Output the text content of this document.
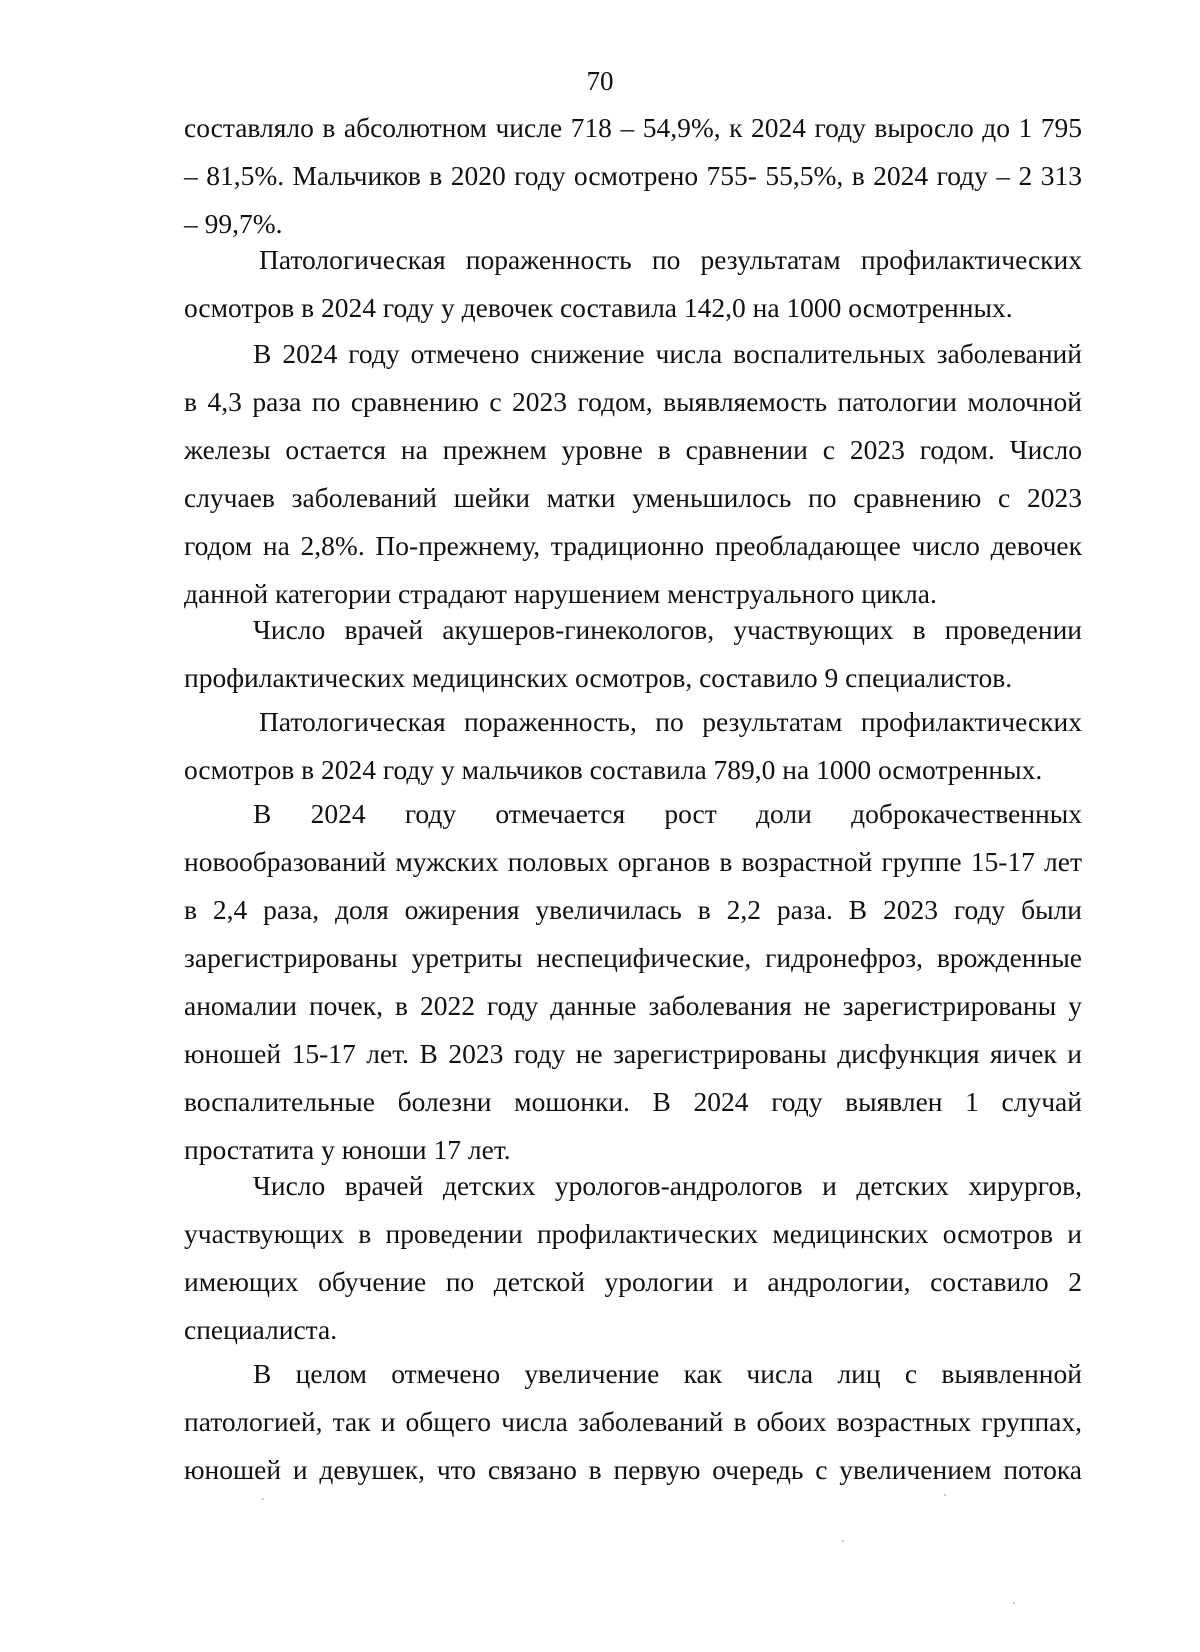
70
составляло в абсолютном числе 718 – 54,9%, к 2024 году выросло до 1 795
– 81,5%. Мальчиков в 2020 году осмотрено 755- 55,5%, в 2024 году – 2 313
– 99,7%.
Патологическая пораженность по результатам профилактических
осмотров в 2024 году у девочек составила 142,0 на 1000 осмотренных.
В 2024 году отмечено снижение числа воспалительных заболеваний
в 4,3 раза по сравнению с 2023 годом, выявляемость патологии молочной
железы остается на прежнем уровне в сравнении с 2023 годом. Число
случаев заболеваний шейки матки уменьшилось по сравнению с 2023
годом на 2,8%. По-прежнему, традиционно преобладающее число девочек
данной категории страдают нарушением менструального цикла.
Число врачей акушеров-гинекологов, участвующих в проведении
профилактических медицинских осмотров, составило 9 специалистов.
Патологическая пораженность, по результатам профилактических
осмотров в 2024 году у мальчиков составила 789,0 на 1000 осмотренных.
В 2024 году отмечается рост доли доброкачественных
новообразований мужских половых органов в возрастной группе 15-17 лет
в 2,4 раза, доля ожирения увеличилась в 2,2 раза. В 2023 году были
зарегистрированы уретриты неспецифические, гидронефроз, врожденные
аномалии почек, в 2022 году данные заболевания не зарегистрированы у
юношей 15-17 лет. В 2023 году не зарегистрированы дисфункция яичек и
воспалительные болезни мошонки. В 2024 году выявлен 1 случай
простатита у юноши 17 лет.
Число врачей детских урологов-андрологов и детских хирургов,
участвующих в проведении профилактических медицинских осмотров и
имеющих обучение по детской урологии и андрологии, составило 2
специалиста.
В целом отмечено увеличение как числа лиц с выявленной
патологией, так и общего числа заболеваний в обоих возрастных группах,
юношей и девушек, что связано в первую очередь с увеличением потока
